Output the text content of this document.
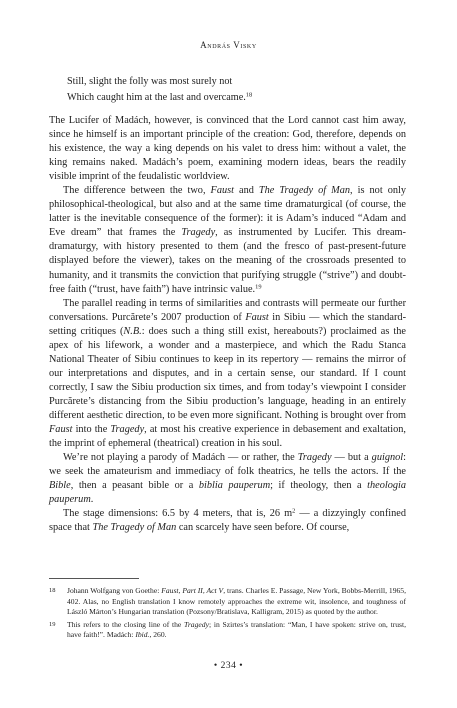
András Visky
Still, slight the folly was most surely not
Which caught him at the last and overcame.$^{18}$

The Lucifer of Madách, however, is convinced that the Lord cannot cast him away, since he himself is an important principle of the creation: God, therefore, depends on his existence, the way a king depends on his valet to dress him: without a valet, the king remains naked. Madách’s poem, examining modern ideas, bears the readily visible imprint of the feudalistic worldview.

The difference between the two, Faust and The Tragedy of Man, is not only philosophical-theological, but also and at the same time dramaturgical (of course, the latter is the inevitable consequence of the former): it is Adam’s induced “Adam and Eve dream” that frames the Tragedy, as instrumented by Lucifer. This dream-dramaturgy, with history presented to them (and the fresco of past-present-future displayed before the viewer), takes on the meaning of the crossroads presented to humanity, and it transmits the conviction that purifying struggle (“strive”) and doubt-free faith (“trust, have faith”) have intrinsic value.$^{19}$

The parallel reading in terms of similarities and contrasts will permeate our further conversations. Purcărete’s 2007 production of Faust in Sibiu — which the standard-setting critiques (N.B.: does such a thing still exist, hereabouts?) proclaimed as the apex of his lifework, a wonder and a masterpiece, and which the Radu Stanca National Theater of Sibiu continues to keep in its repertory — remains the mirror of our interpretations and disputes, and in a certain sense, our standard. If I count correctly, I saw the Sibiu production six times, and from today’s viewpoint I consider Purcărete’s distancing from the Sibiu production’s language, heading in an entirely different aesthetic direction, to be even more significant. Nothing is brought over from Faust into the Tragedy, at most his creative experience in debasement and exaltation, the imprint of ephemeral (theatrical) creation in his soul.

We’re not playing a parody of Madách — or rather, the Tragedy — but a guignol: we seek the amateurism and immediacy of folk theatrics, he tells the actors. If the Bible, then a peasant bible or a biblia pauperum; if theology, then a theologia pauperum.

The stage dimensions: 6.5 by 4 meters, that is, 26 $m^2$ — a dizzyingly confined space that The Tragedy of Man can scarcely have seen before. Of course,

18 Johann Wolfgang von Goethe: Faust, Part II, Act V, trans. Charles E. Passage, New York, Bobbs-Merrill, 1965, 402. Alas, no English translation I know remotely approaches the extreme wit, insolence, and toughness of László Márton’s Hungarian translation (Pozsony/Bratislava, Kalligram, 2015) as quoted by the author.
19 This refers to the closing line of the Tragedy; in Szirtes’s translation: “Man, I have spoken: strive on, trust, have faith!”. Madách: Ibid., 260.
• 234 •
